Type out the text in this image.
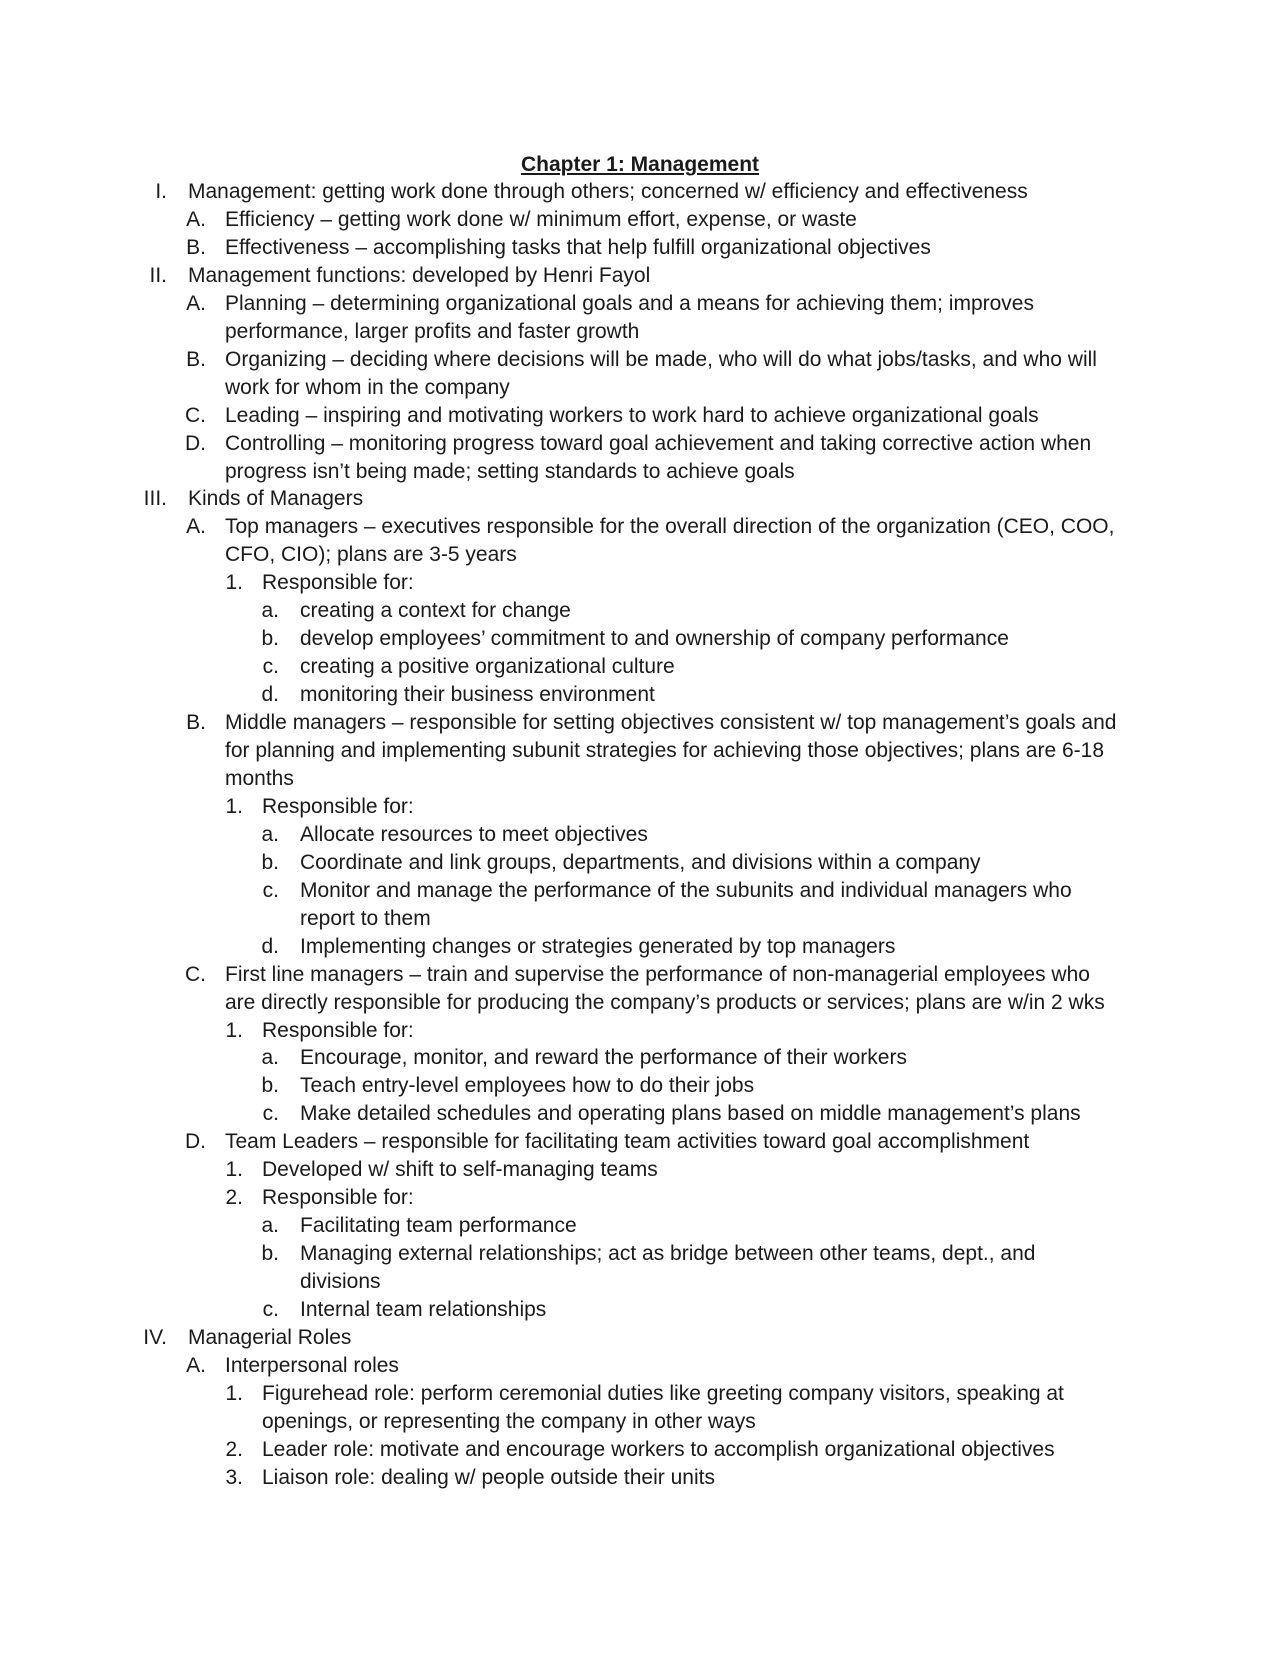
Chapter 1: Management
I. Management: getting work done through others; concerned w/ efficiency and effectiveness
A. Efficiency – getting work done w/ minimum effort, expense, or waste
B. Effectiveness – accomplishing tasks that help fulfill organizational objectives
II. Management functions: developed by Henri Fayol
A. Planning – determining organizational goals and a means for achieving them; improves
performance, larger profits and faster growth
B. Organizing – deciding where decisions will be made, who will do what jobs/tasks, and who will
work for whom in the company
C. Leading – inspiring and motivating workers to work hard to achieve organizational goals
D. Controlling – monitoring progress toward goal achievement and taking corrective action when
progress isn’t being made; setting standards to achieve goals
III. Kinds of Managers
A. Top managers – executives responsible for the overall direction of the organization (CEO, COO,
CFO, CIO); plans are 3-5 years
1. Responsible for:
a. creating a context for change
b. develop employees’ commitment to and ownership of company performance
c. creating a positive organizational culture
d. monitoring their business environment
B. Middle managers – responsible for setting objectives consistent w/ top management’s goals and
for planning and implementing subunit strategies for achieving those objectives; plans are 6-18
months
1. Responsible for:
a. Allocate resources to meet objectives
b. Coordinate and link groups, departments, and divisions within a company
c. Monitor and manage the performance of the subunits and individual managers who
report to them
d. Implementing changes or strategies generated by top managers
C. First line managers – train and supervise the performance of non-managerial employees who
are directly responsible for producing the company’s products or services; plans are w/in 2 wks
1. Responsible for:
a. Encourage, monitor, and reward the performance of their workers
b. Teach entry-level employees how to do their jobs
c. Make detailed schedules and operating plans based on middle management’s plans
D. Team Leaders – responsible for facilitating team activities toward goal accomplishment
1. Developed w/ shift to self-managing teams
2. Responsible for:
a. Facilitating team performance
b. Managing external relationships; act as bridge between other teams, dept., and
divisions
c. Internal team relationships
IV. Managerial Roles
A. Interpersonal roles
1. Figurehead role: perform ceremonial duties like greeting company visitors, speaking at
openings, or representing the company in other ways
2. Leader role: motivate and encourage workers to accomplish organizational objectives
3. Liaison role: dealing w/ people outside their units
